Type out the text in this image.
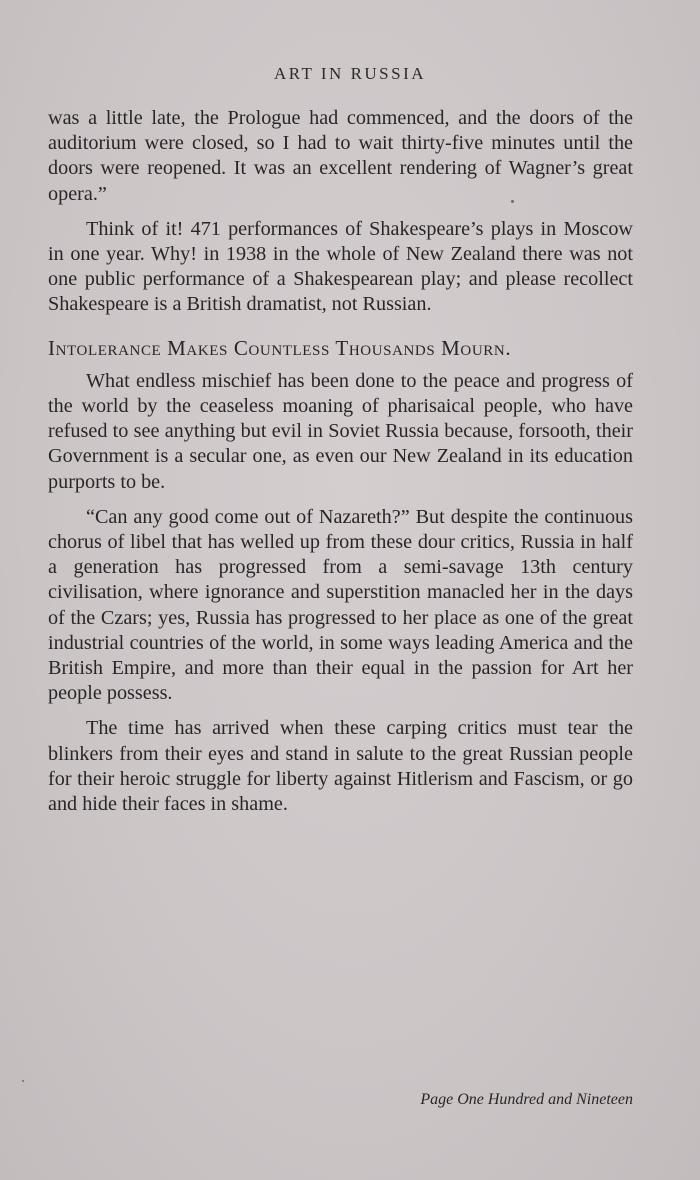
ART IN RUSSIA

was a little late, the Prologue had commenced, and the doors of the auditorium were closed, so I had to wait thirty-five minutes until the doors were reopened. It was an excellent rendering of Wagner’s great opera.”

Think of it! 471 performances of Shakespeare’s plays in Moscow in one year. Why! in 1938 in the whole of New Zealand there was not one public performance of a Shakespearean play; and please recollect Shakespeare is a British dramatist, not Russian.

Intolerance Makes Countless Thousands Mourn.

What endless mischief has been done to the peace and progress of the world by the ceaseless moaning of pharisaical people, who have refused to see anything but evil in Soviet Russia because, forsooth, their Government is a secular one, as even our New Zealand in its education purports to be.

“Can any good come out of Nazareth?” But despite the continuous chorus of libel that has welled up from these dour critics, Russia in half a generation has progressed from a semi-savage 13th century civilisation, where ignorance and superstition manacled her in the days of the Czars; yes, Russia has progressed to her place as one of the great industrial countries of the world, in some ways leading America and the British Empire, and more than their equal in the passion for Art her people possess.

The time has arrived when these carping critics must tear the blinkers from their eyes and stand in salute to the great Russian people for their heroic struggle for liberty against Hitlerism and Fascism, or go and hide their faces in shame.

Page One Hundred and Nineteen
